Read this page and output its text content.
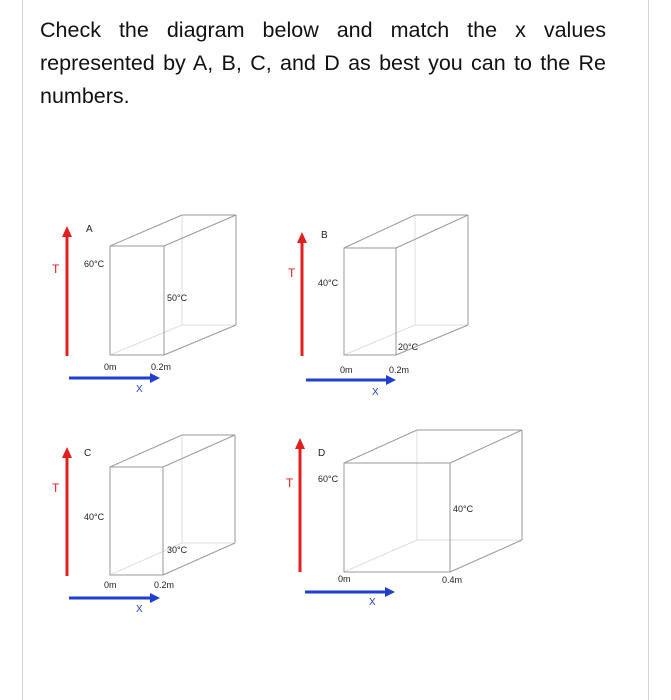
Check the diagram below and match the x values represented by A, B, C, and D as best you can to the Re numbers.

T
X
A
60°C
50°C
0m	0.2m
T
X
B
40°C
20°C
0m	0.2m
T
X
C
40°C
30°C
0m	0.2m
T
X
D
60°C
40°C
0m	0.4m
